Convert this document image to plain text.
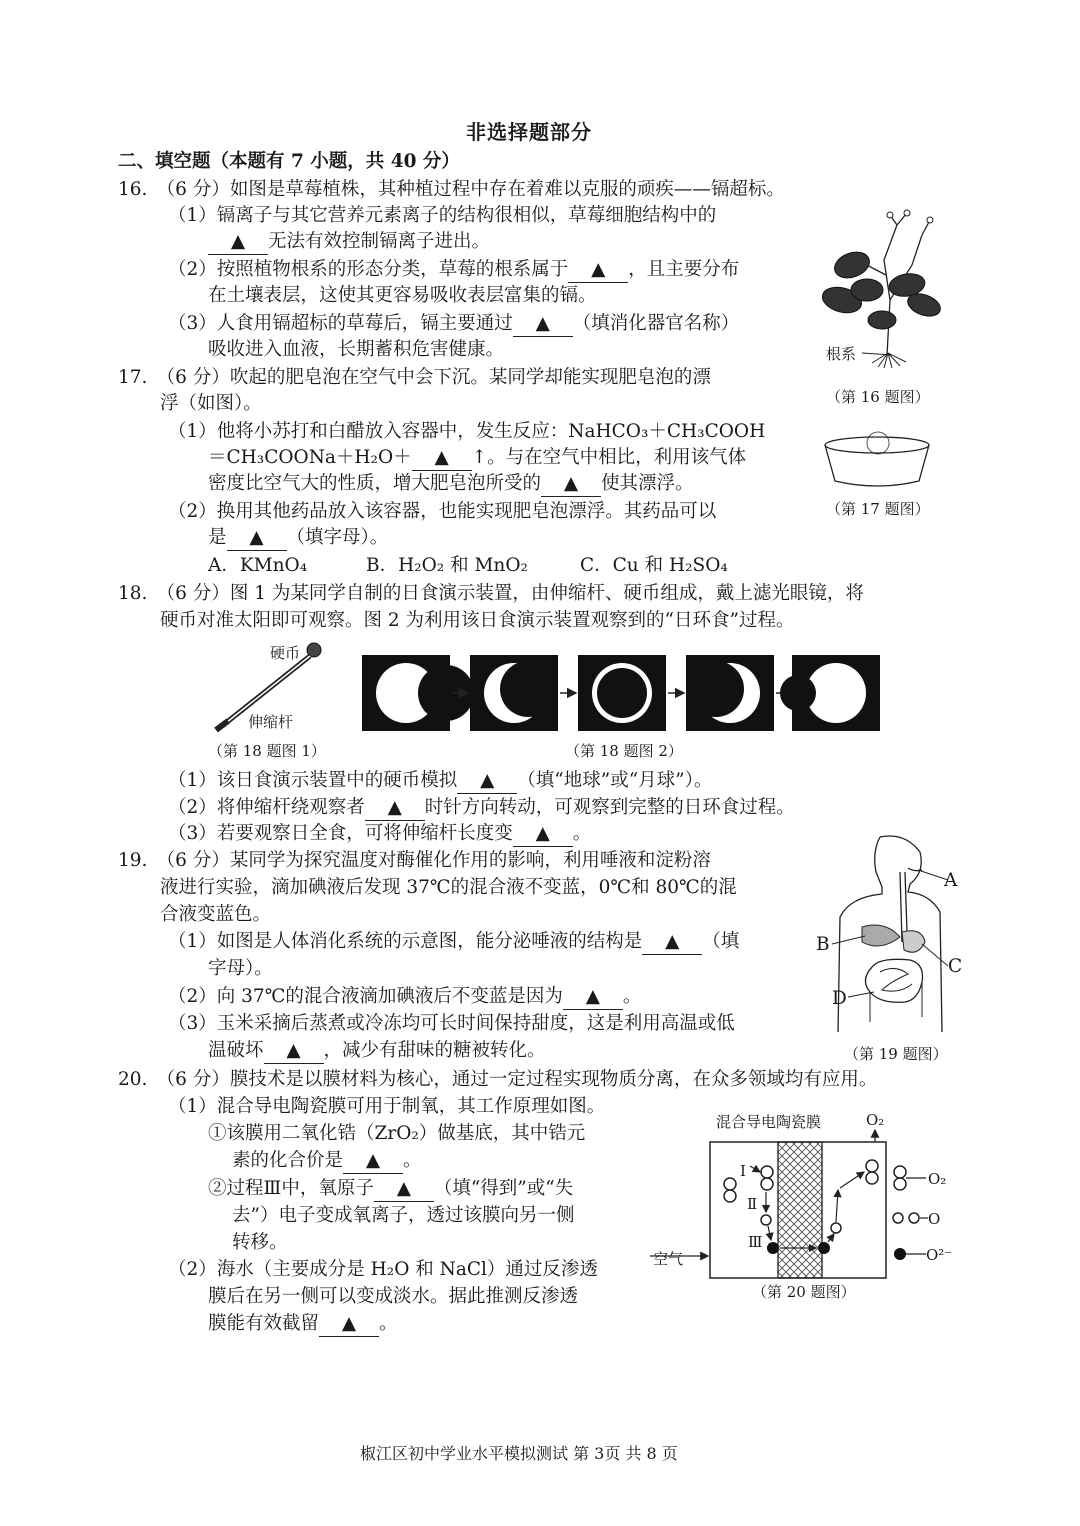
非选择题部分
二、填空题（本题有 7 小题，共 40 分）
16.　（6 分）如图是草莓植株，其种植过程中存在着难以克服的顽疾——镉超标。
（1）镉离子与其它营养元素离子的结构很相似，草莓细胞结构中的
▲ 无法有效控制镉离子进出。
（2）按照植物根系的形态分类，草莓的根系属于 ▲ ，且主要分布
在土壤表层，这使其更容易吸收表层富集的镉。
（3）人食用镉超标的草莓后，镉主要通过 ▲ （填消化器官名称）
吸收进入血液，长期蓄积危害健康。	根系
（第 16 题图）
17.　（6 分）吹起的肥皂泡在空气中会下沉。某同学却能实现肥皂泡的漂
浮（如图）。
（1）他将小苏打和白醋放入容器中，发生反应：NaHCO₃＋CH₃COOH
＝CH₃COONa＋H₂O＋ ▲ ↑。与在空气中相比，利用该气体
密度比空气大的性质，增大肥皂泡所受的 ▲ 使其漂浮。
（2）换用其他药品放入该容器，也能实现肥皂泡漂浮。其药品可以
是 ▲ （填字母）。
A．KMnO₄	B．H₂O₂ 和 MnO₂	C．Cu 和 H₂SO₄
（第 17 题图）
18.　（6 分）图 1 为某同学自制的日食演示装置，由伸缩杆、硬币组成，戴上滤光眼镜，将
硬币对准太阳即可观察。图 2 为利用该日食演示装置观察到的“日环食”过程。
硬币
伸缩杆
（第 18 题图 1）	（第 18 题图 2）
（1）该日食演示装置中的硬币模拟 ▲ （填“地球”或“月球”）。
（2）将伸缩杆绕观察者 ▲ 时针方向转动，可观察到完整的日环食过程。
（3）若要观察日全食，可将伸缩杆长度变 ▲ 。
19.　（6 分）某同学为探究温度对酶催化作用的影响，利用唾液和淀粉溶
液进行实验，滴加碘液后发现 37℃的混合液不变蓝，0℃和 80℃的混
合液变蓝色。
（1）如图是人体消化系统的示意图，能分泌唾液的结构是 ▲ （填
字母）。
（2）向 37℃的混合液滴加碘液后不变蓝是因为 ▲ 。
（3）玉米采摘后蒸煮或冷冻均可长时间保持甜度，这是利用高温或低
温破坏 ▲ ，减少有甜味的糖被转化。
A
B
C
D
（第 19 题图）
20.　（6 分）膜技术是以膜材料为核心，通过一定过程实现物质分离，在众多领域均有应用。
（1）混合导电陶瓷膜可用于制氧，其工作原理如图。
①该膜用二氧化锆（ZrO₂）做基底，其中锆元
素的化合价是 ▲ 。
②过程Ⅲ中，氧原子 ▲ （填“得到”或“失
去”）电子变成氧离子，透过该膜向另一侧
转移。
（2）海水（主要成分是 H₂O 和 NaCl）通过反渗透
膜后在另一侧可以变成淡水。据此推测反渗透
膜能有效截留 ▲ 。
混合导电陶瓷膜	O₂
Ⅰ
Ⅱ
Ⅲ
O₂
O
O²⁻
空气
（第 20 题图）
椒江区初中学业水平模拟测试 第 3页 共 8 页
